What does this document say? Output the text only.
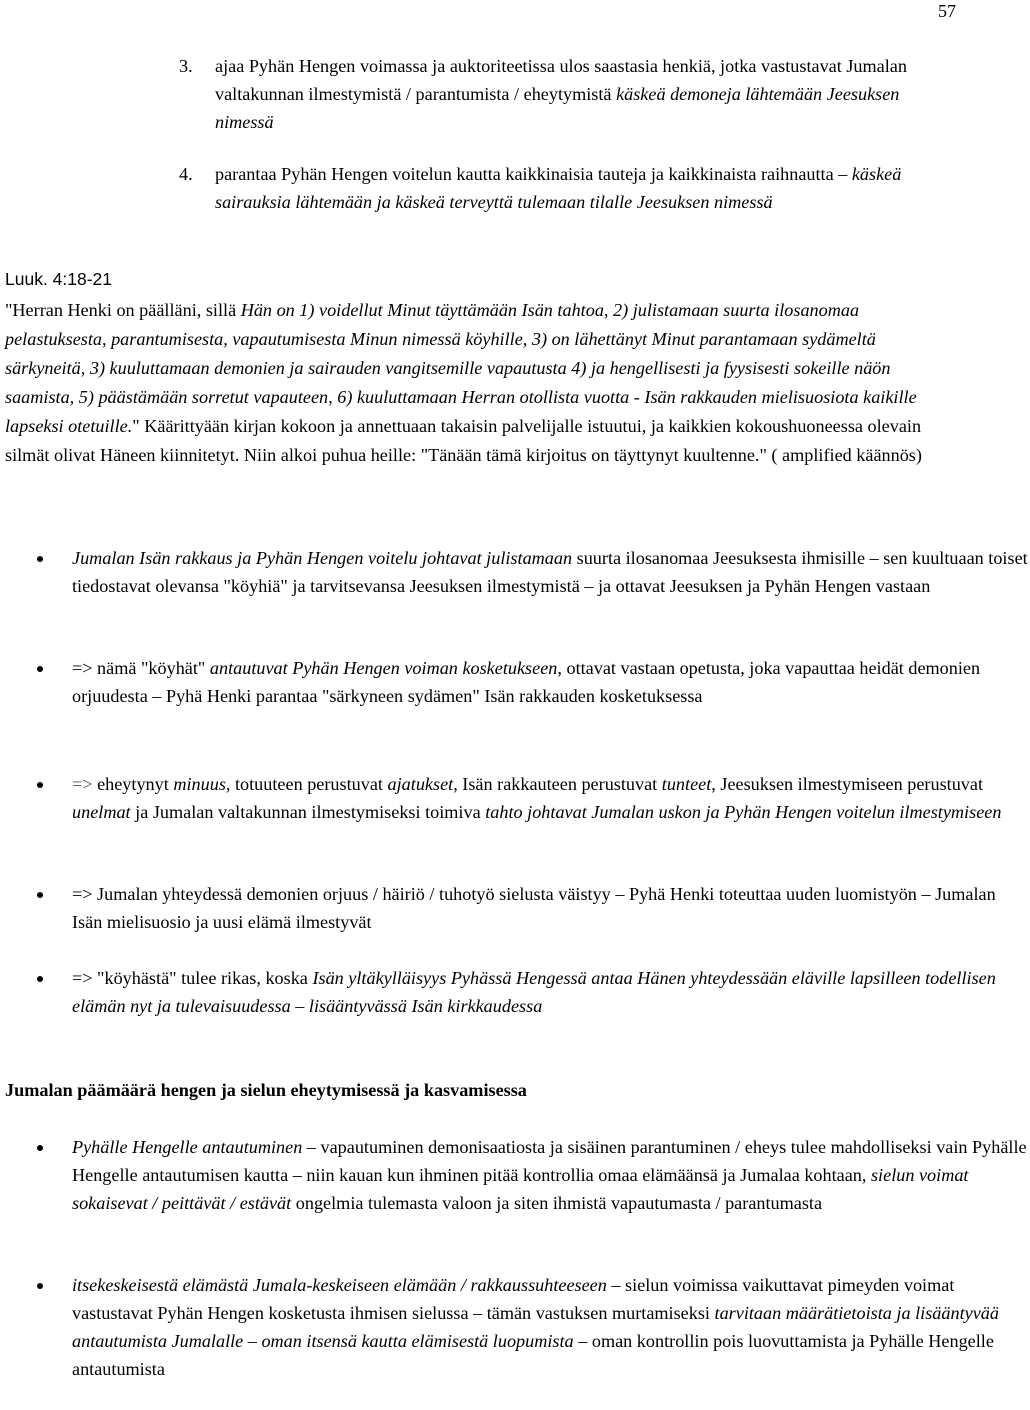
57
3. ajaa Pyhän Hengen voimassa ja auktoriteetissa ulos saastasia henkiä, jotka vastustavat Jumalan valtakunnan ilmestymistä / parantumista / eheytymistä käskeä demoneja lähtemään Jeesuksen nimessä
4. parantaa Pyhän Hengen voitelun kautta kaikkinaisia tauteja ja kaikkinaista raihnautta – käskeä sairauksia lähtemään ja käskeä terveyttä tulemaan tilalle Jeesuksen nimessä
Luuk. 4:18-21
"Herran Henki on päälläni, sillä Hän on 1) voidellut Minut täyttämään Isän tahtoa, 2) julistamaan suurta ilosanomaa pelastuksesta, parantumisesta, vapautumisesta Minun nimessä köyhille, 3) on lähettänyt Minut parantamaan sydämeltä särkyneitä, 3) kuuluttamaan demonien ja sairauden vangitsemille vapautusta 4) ja hengellisesti ja fyysisesti sokeille näön saamista, 5) päästämään sorretut vapauteen, 6) kuuluttamaan Herran otollista vuotta - Isän rakkauden mielisuosiota kaikille lapseksi otetuille." Käärittyään kirjan kokoon ja annettuaan takaisin palvelijalle istuutui, ja kaikkien kokoushuoneessa olevain silmät olivat Häneen kiinnitetyt. Niin alkoi puhua heille: "Tänään tämä kirjoitus on täyttynyt kuultenne." ( amplified käännös)
Jumalan Isän rakkaus ja Pyhän Hengen voitelu johtavat julistamaan suurta ilosanomaa Jeesuksesta ihmisille – sen kuultuaan toiset tiedostavat olevansa "köyhiä" ja tarvitsevansa Jeesuksen ilmestymistä – ja ottavat Jeesuksen ja Pyhän Hengen vastaan
=> nämä "köyhät" antautuvat Pyhän Hengen voiman kosketukseen, ottavat vastaan opetusta, joka vapauttaa heidät demonien orjuudesta – Pyhä Henki parantaa "särkyneen sydämen" Isän rakkauden kosketuksessa
=> eheytynyt minuus, totuuteen perustuvat ajatukset, Isän rakkauteen perustuvat tunteet, Jeesuksen ilmestymiseen perustuvat unelmat ja Jumalan valtakunnan ilmestymiseksi toimiva tahto johtavat Jumalan uskon ja Pyhän Hengen voitelun ilmestymiseen
=> Jumalan yhteydessä demonien orjuus / häiriö / tuhotyö sielusta väistyy – Pyhä Henki toteuttaa uuden luomistyön – Jumalan Isän mielisuosio ja uusi elämä ilmestyvät
=> "köyhästä" tulee rikas, koska Isän yltäkylläisyys Pyhässä Hengessä antaa Hänen yhteydessään eläville lapsilleen todellisen elämän nyt ja tulevaisuudessa – lisääntyvässä Isän kirkkaudessa
Jumalan päämäärä hengen ja sielun eheytymisessä ja kasvamisessa
Pyhälle Hengelle antautuminen – vapautuminen demonisaatiosta ja sisäinen parantuminen / eheys tulee mahdolliseksi vain Pyhälle Hengelle antautumisen kautta – niin kauan kun ihminen pitää kontrollia omaa elämäänsä ja Jumalaa kohtaan, sielun voimat sokaisevat / peittävät / estävät ongelmia tulemasta valoon ja siten ihmistä vapautumasta / parantumasta
itsekeskeisestä elämästä Jumala-keskeiseen elämään / rakkaussuhteeseen – sielun voimissa vaikuttavat pimeyden voimat vastustavat Pyhän Hengen kosketusta ihmisen sielussa – tämän vastuksen murtamiseksi tarvitaan määrätietoista ja lisääntyvää antautumista Jumalalle – oman itsensä kautta elämisestä luopumista – oman kontrollin pois luovuttamista ja Pyhälle Hengelle antautumista
